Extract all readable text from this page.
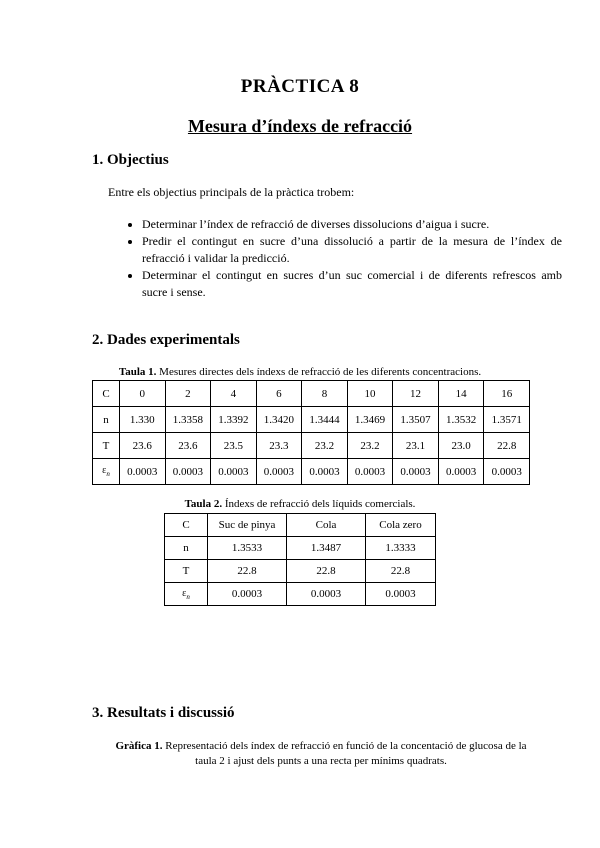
PRÀCTICA 8
Mesura d’índexs de refracció
1. Objectius
Entre els objectius principals de la pràctica trobem:
• Determinar l’índex de refracció de diverses dissolucions d’aigua i sucre.
• Predir el contingut en sucre d’una dissolució a partir de la mesura de l’índex de refracció i validar la predicció.
• Determinar el contingut en sucres d’un suc comercial i de diferents refrescos amb sucre i sense.
2. Dades experimentals
Taula 1. Mesures directes dels índexs de refracció de les diferents concentracions.
C	0	2	4	6	8	10	12	14	16
n	1.330	1.3358	1.3392	1.3420	1.3444	1.3469	1.3507	1.3532	1.3571
T	23.6	23.6	23.5	23.3	23.2	23.2	23.1	23.0	22.8
$\varepsilon_n$	0.0003	0.0003	0.0003	0.0003	0.0003	0.0003	0.0003	0.0003	0.0003
Taula 2. Índexs de refracció dels líquids comercials.
C	Suc de pinya	Cola	Cola zero
n	1.3533	1.3487	1.3333
T	22.8	22.8	22.8
$\varepsilon_n$	0.0003	0.0003	0.0003
3. Resultats i discussió
Gràfica 1. Representació dels índex de refracció en funció de la concentació de glucosa de la taula 2 i ajust dels punts a una recta per mínims quadrats.
